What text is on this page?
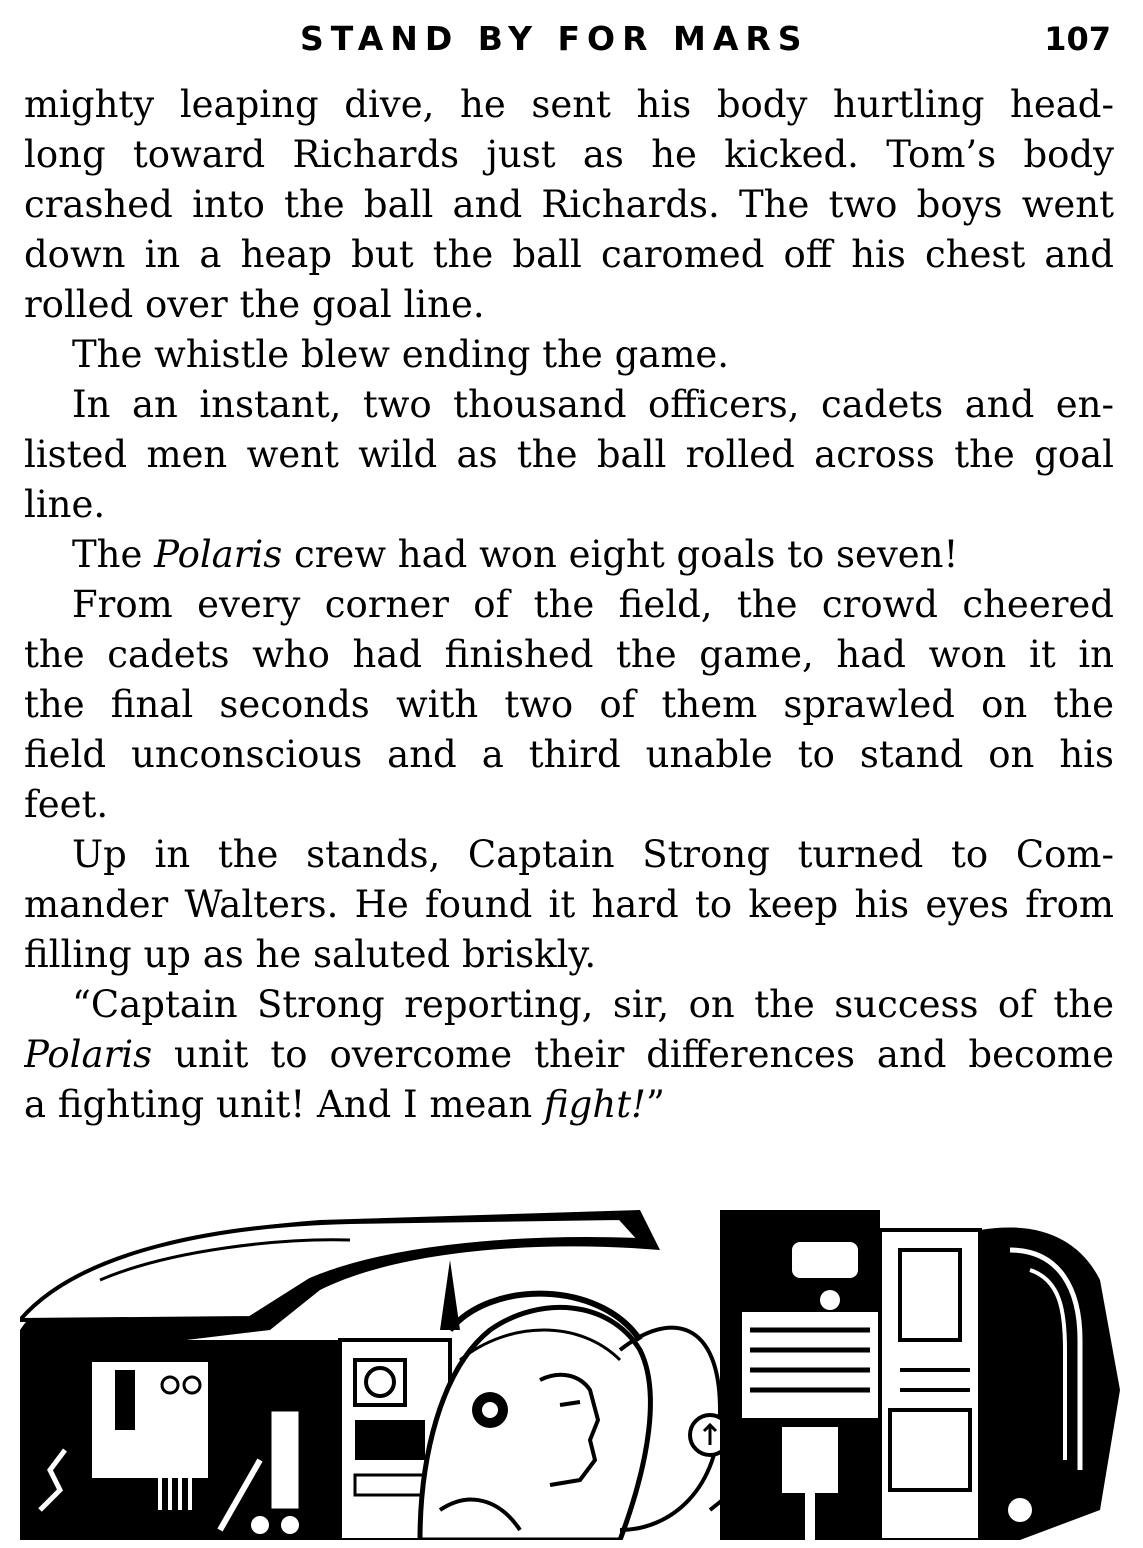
STAND BY FOR MARS	107
mighty leaping dive, he sent his body hurtling head-
long toward Richards just as he kicked. Tom’s body
crashed into the ball and Richards. The two boys went
down in a heap but the ball caromed off his chest and
rolled over the goal line.
The whistle blew ending the game.
In an instant, two thousand officers, cadets and en-
listed men went wild as the ball rolled across the goal
line.
The Polaris crew had won eight goals to seven!
From every corner of the field, the crowd cheered
the cadets who had finished the game, had won it in
the final seconds with two of them sprawled on the
field unconscious and a third unable to stand on his
feet.
Up in the stands, Captain Strong turned to Com-
mander Walters. He found it hard to keep his eyes from
filling up as he saluted briskly.
“Captain Strong reporting, sir, on the success of the
Polaris unit to overcome their differences and become
a fighting unit! And I mean fight!”
